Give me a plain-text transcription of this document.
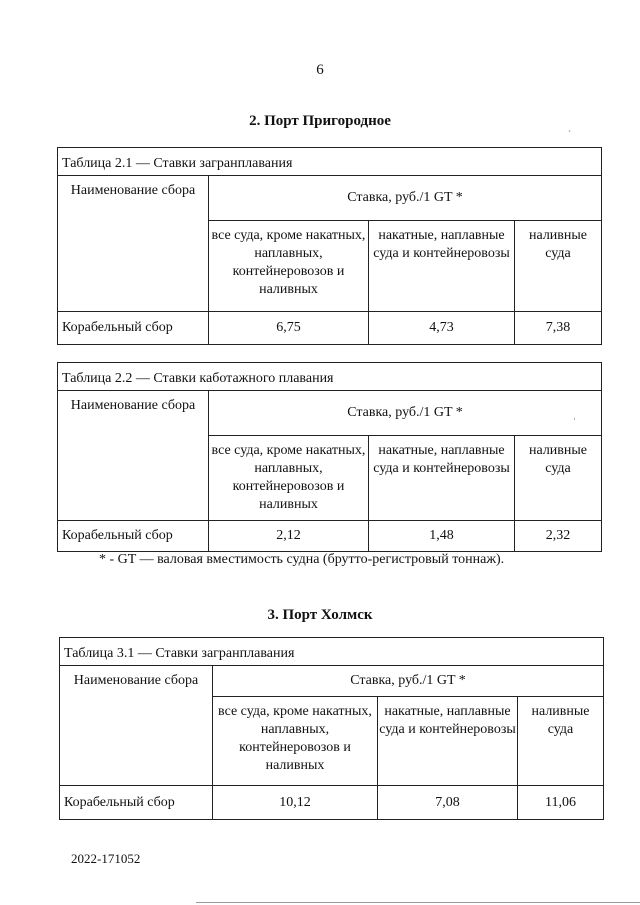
6
2. Порт Пригородное
Таблица 2.1 — Ставки загранплавания			
Наименование сбора	Ставка, руб./1 GT *		
	все суда, кроме накатных, наплавных, контейнеровозов и наливных	накатные, наплавные суда и контейнеровозы	наливные суда
Корабельный сбор	6,75	4,73	7,38
Таблица 2.2 — Ставки каботажного плавания			
Наименование сбора	Ставка, руб./1 GT *		
	все суда, кроме накатных, наплавных, контейнеровозов и наливных	накатные, наплавные суда и контейнеровозы	наливные суда
Корабельный сбор	2,12	1,48	2,32
* - GT — валовая вместимость судна (брутто-регистровый тоннаж).
3. Порт Холмск
Таблица 3.1 — Ставки загранплавания			
Наименование сбора	Ставка, руб./1 GT *		
	все суда, кроме накатных, наплавных, контейнеровозов и наливных	накатные, наплавные суда и контейнеровозы	наливные суда
Корабельный сбор	10,12	7,08	11,06
2022-171052
ˎ
·
